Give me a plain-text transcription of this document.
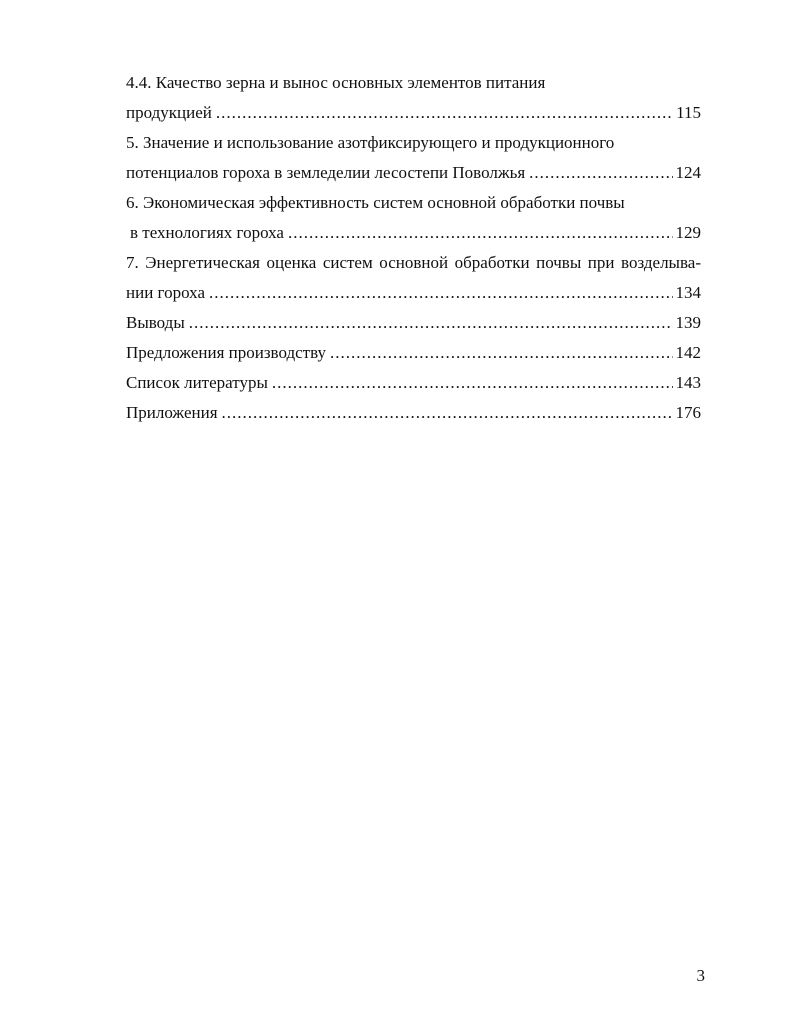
4.4. Качество зерна и вынос основных элементов питания
продукцией .....	115
5. Значение и использование азотфиксирующего и продукционного
потенциалов гороха в земледелии лесостепи Поволжья .....	124
6. Экономическая эффективность систем основной обработки почвы
в технологиях гороха .....	129
7. Энергетическая оценка систем основной обработки почвы при возделыва-
нии гороха .....	134
Выводы .....	139
Предложения производству .....	142
Список литературы .....	143
Приложения .....	176
3
